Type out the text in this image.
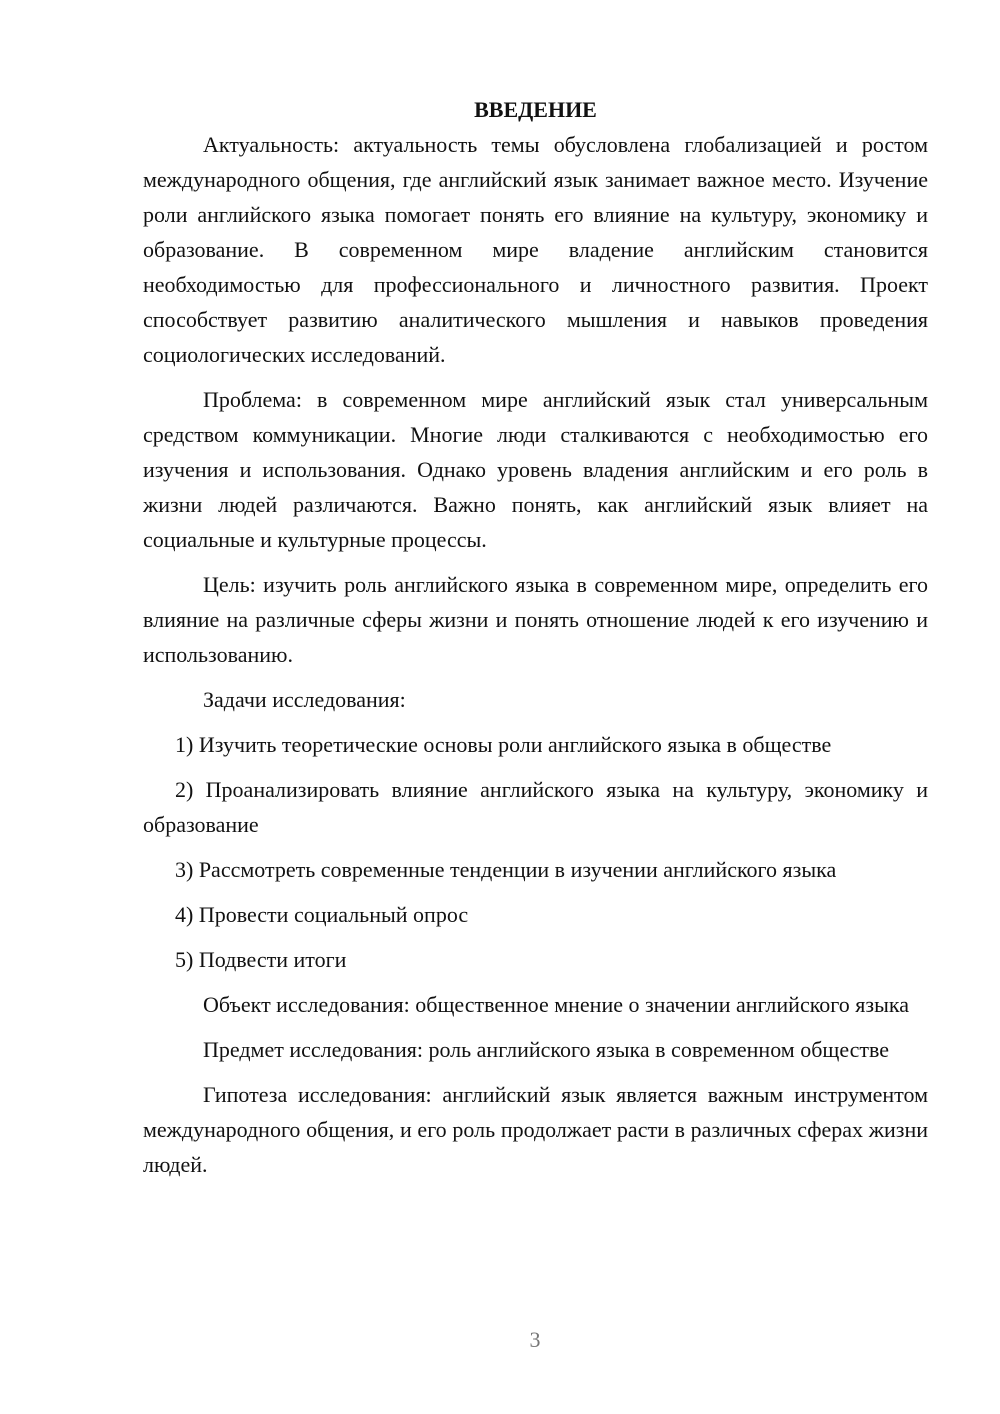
ВВЕДЕНИЕ

Актуальность: актуальность темы обусловлена глобализацией и ростом международного общения, где английский язык занимает важное место. Изучение роли английского языка помогает понять его влияние на культуру, экономику и образование. В современном мире владение английским становится необходимостью для профессионального и личностного развития. Проект способствует развитию аналитического мышления и навыков проведения социологических исследований.

Проблема: в современном мире английский язык стал универсальным средством коммуникации. Многие люди сталкиваются с необходимостью его изучения и использования. Однако уровень владения английским и его роль в жизни людей различаются. Важно понять, как английский язык влияет на социальные и культурные процессы.

Цель: изучить роль английского языка в современном мире, определить его влияние на различные сферы жизни и понять отношение людей к его изучению и использованию.

Задачи исследования:

1) Изучить теоретические основы роли английского языка в обществе

2) Проанализировать влияние английского языка на культуру, экономику и образование

3) Рассмотреть современные тенденции в изучении английского языка

4) Провести социальный опрос

5) Подвести итоги

Объект исследования: общественное мнение о значении английского языка

Предмет исследования: роль английского языка в современном обществе

Гипотеза исследования: английский язык является важным инструментом международного общения, и его роль продолжает расти в различных сферах жизни людей.

3
